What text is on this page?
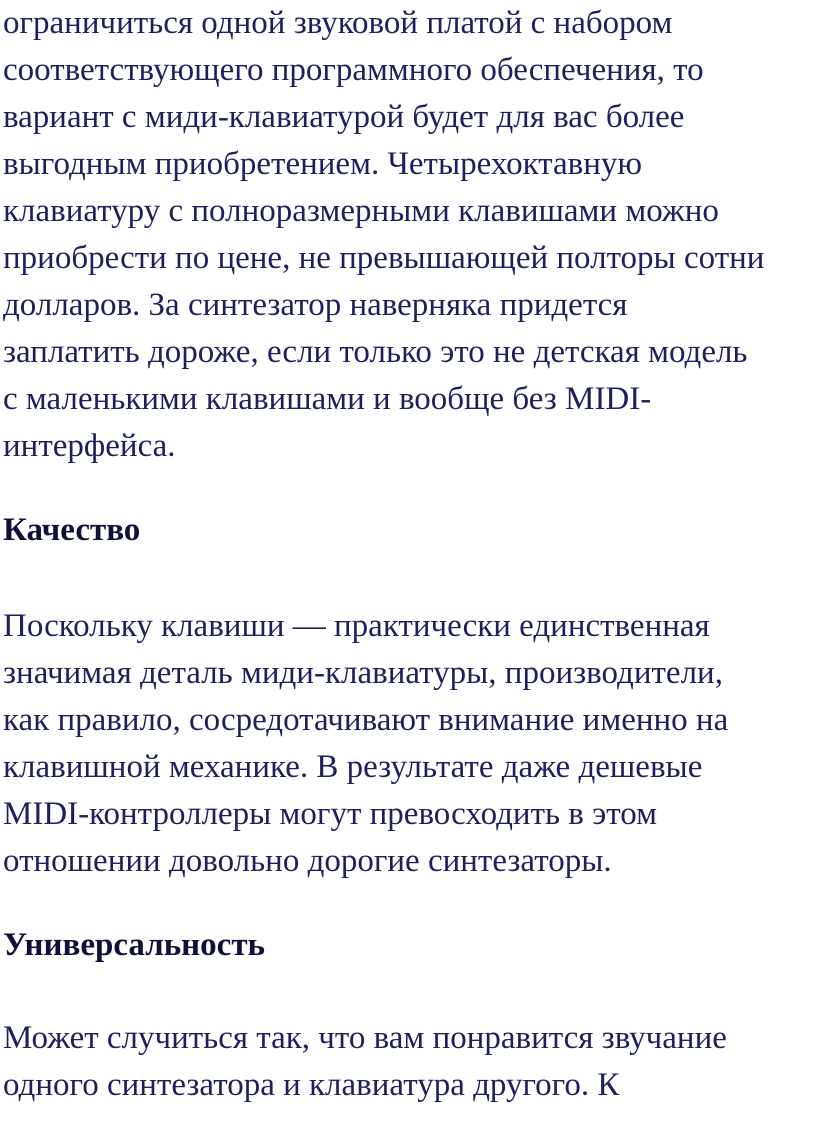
ограничиться одной звуковой платой с набором
соответствующего программного обеспечения, то
вариант с миди-клавиатурой будет для вас более
выгодным приобретением. Четырехоктавную
клавиатуру с полноразмерными клавишами можно
приобрести по цене, не превышающей полторы сотни
долларов. За синтезатор наверняка придется
заплатить дороже, если только это не детская модель
с маленькими клавишами и вообще без MIDI-
интерфейса.
Качество
Поскольку клавиши — практически единственная
значимая деталь миди-клавиатуры, производители,
как правило, сосредотачивают внимание именно на
клавишной механике. В результате даже дешевые
MIDI-контроллеры могут превосходить в этом
отношении довольно дорогие синтезаторы.
Универсальность
Может случиться так, что вам понравится звучание
одного синтезатора и клавиатура другого. К
